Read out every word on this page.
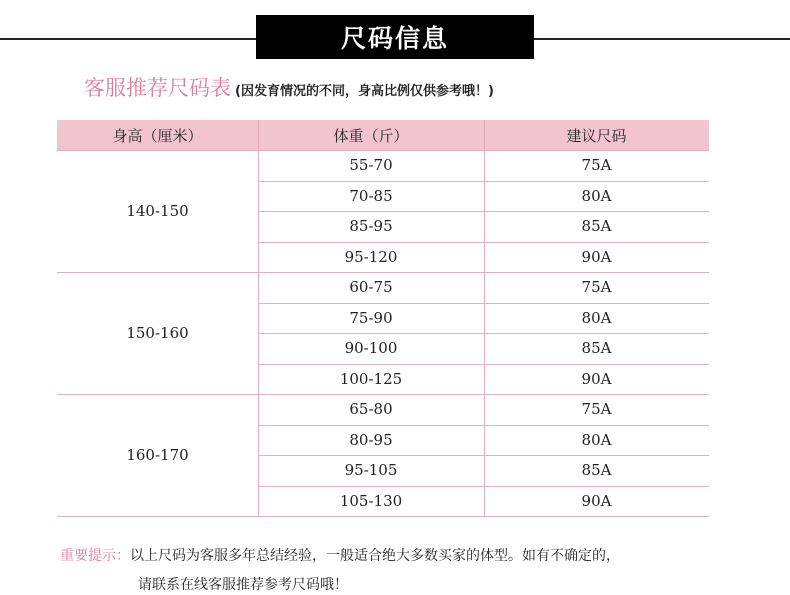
尺码信息
客服推荐尺码表 (因发育情况的不同，身高比例仅供参考哦！)
身高（厘米）	体重（斤）	建议尺码
140-150
55-70	75A
70-85	80A
85-95	85A
95-120	90A
150-160
60-75	75A
75-90	80A
90-100	85A
100-125	90A
160-170
65-80	75A
80-95	80A
95-105	85A
105-130	90A
重要提示：以上尺码为客服多年总结经验，一般适合绝大多数买家的体型。如有不确定的，
请联系在线客服推荐参考尺码哦！
